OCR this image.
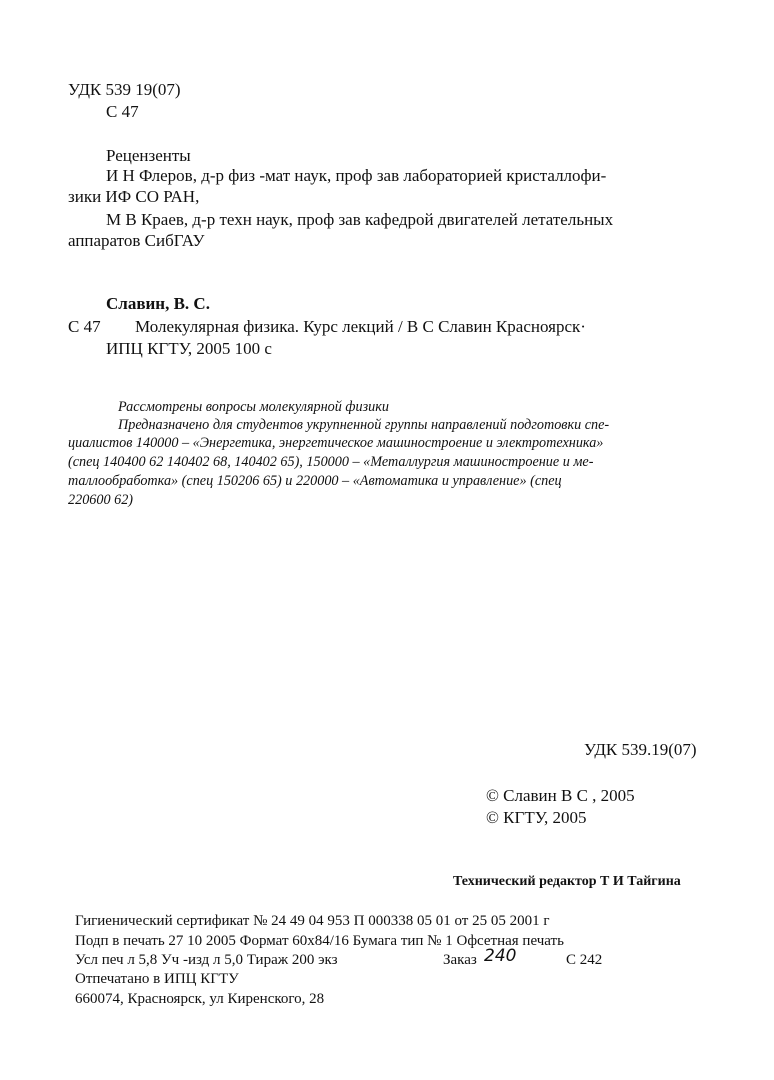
УДК 539 19(07)
С 47
Рецензенты
И Н Флеров, д-р физ -мат наук, проф зав лабораторией кристаллофи-
зики ИФ СО РАН,
М В Краев, д-р техн наук, проф зав кафедрой двигателей летательных
аппаратов СибГАУ
Славин, В. С.
С 47 Молекулярная физика. Курс лекций / В С Славин Красноярск·
ИПЦ КГТУ, 2005 100 с
Рассмотрены вопросы молекулярной физики
Предназначено для студентов укрупненной группы направлений подготовки спе-
циалистов 140000 – «Энергетика, энергетическое машиностроение и электротехника»
(спец 140400 62 140402 68, 140402 65), 150000 – «Металлургия машиностроение и ме-
таллообработка» (спец 150206 65) и 220000 – «Автоматика и управление» (спец
220600 62)
УДК 539.19(07)
© Славин В С , 2005
© КГТУ, 2005
Технический редактор Т И Тайгина
Гигиенический сертификат № 24 49 04 953 П 000338 05 01 от 25 05 2001 г
Подп в печать 27 10 2005 Формат 60х84/16 Бумага тип № 1 Офсетная печать
Усл печ л 5,8 Уч -изд л 5,0 Тираж 200 экз	Заказ 240	С 242
Отпечатано в ИПЦ КГТУ
660074, Красноярск, ул Киренского, 28
